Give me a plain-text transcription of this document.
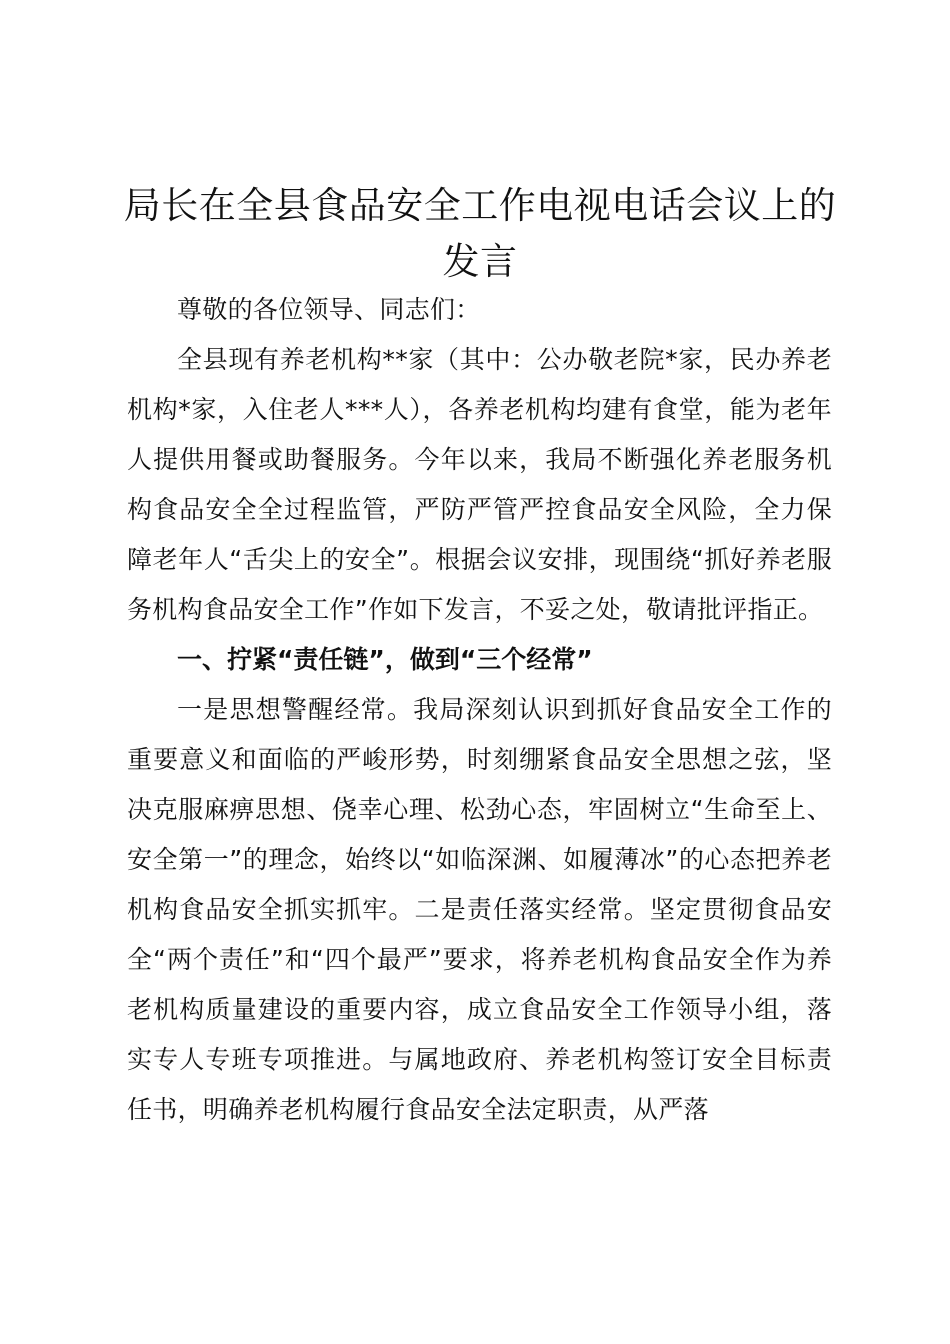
局长在全县食品安全工作电视电话会议上的发言

尊敬的各位领导、同志们：

全县现有养老机构**家（其中：公办敬老院*家，民办养老机构*家，入住老人***人），各养老机构均建有食堂，能为老年人提供用餐或助餐服务。今年以来，我局不断强化养老服务机构食品安全全过程监管，严防严管严控食品安全风险，全力保障老年人“舌尖上的安全”。根据会议安排，现围绕“抓好养老服务机构食品安全工作”作如下发言，不妥之处，敬请批评指正。

一、拧紧“责任链”，做到“三个经常”

一是思想警醒经常。我局深刻认识到抓好食品安全工作的重要意义和面临的严峻形势，时刻绷紧食品安全思想之弦，坚决克服麻痹思想、侥幸心理、松劲心态，牢固树立“生命至上、安全第一”的理念，始终以“如临深渊、如履薄冰”的心态把养老机构食品安全抓实抓牢。二是责任落实经常。坚定贯彻食品安全“两个责任”和“四个最严”要求，将养老机构食品安全作为养老机构质量建设的重要内容，成立食品安全工作领导小组，落实专人专班专项推进。与属地政府、养老机构签订安全目标责任书，明确养老机构履行食品安全法定职责，从严落
